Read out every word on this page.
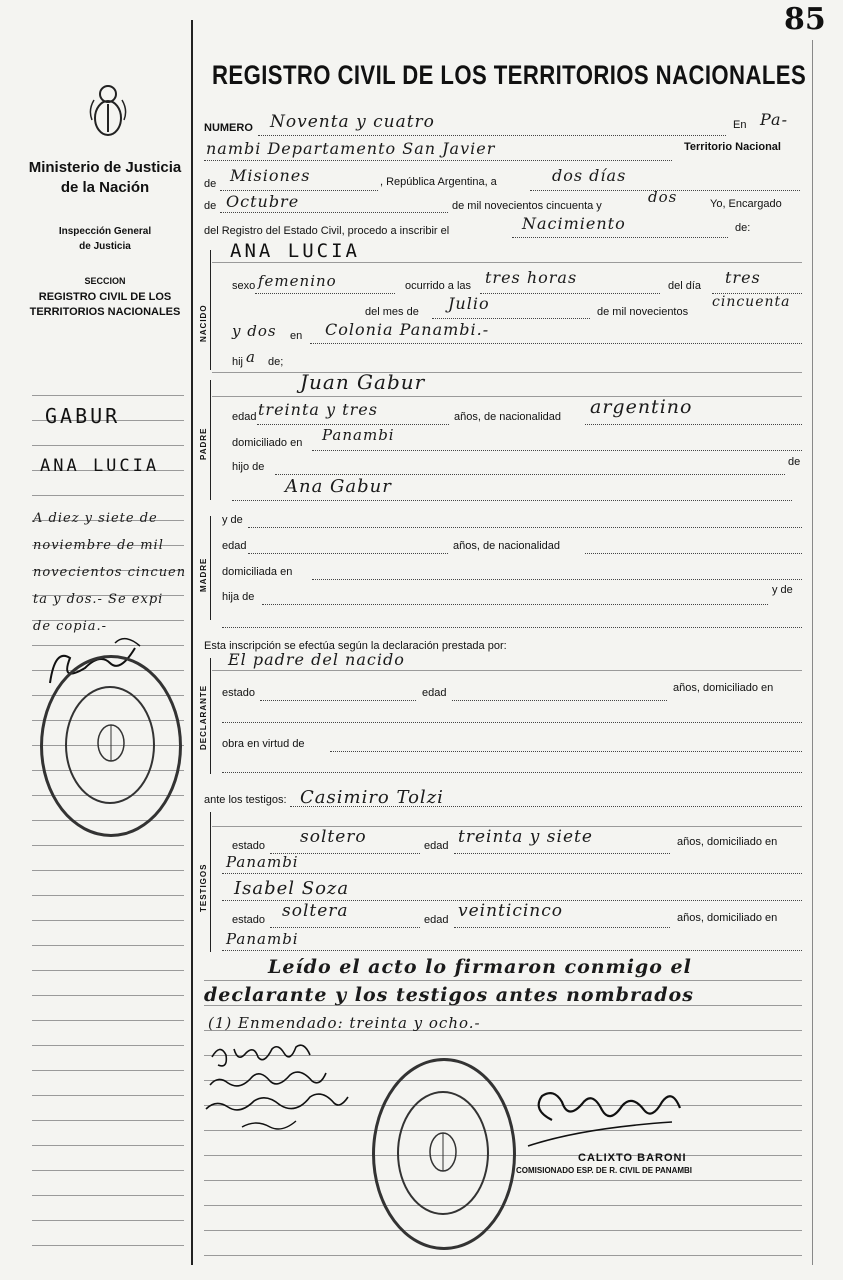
85
REGISTRO CIVIL DE LOS TERRITORIOS NACIONALES
Ministerio de Justicia
de la Nación
Inspección General
de Justicia
SECCION
REGISTRO CIVIL DE LOS
TERRITORIOS NACIONALES
GABUR
ANA LUCIA
A diez y siete de
noviembre de mil
novecientos cincuen
ta y dos.- Se expi
de copia.-
NUMERO Noventa y cuatro	En Pa-
nambi Departamento San Javier	Territorio Nacional
de Misiones	, República Argentina, a	dos días
de Octubre	de mil novecientos cincuenta y	dos	Yo, Encargado
del Registro del Estado Civil, procedo a inscribir el	Nacimiento	de:
NACIDO
ANA LUCIA
sexo femenino	ocurrido a las tres horas	del día tres
del mes de Julio	de mil novecientos
cincuenta
y dos en Colonia Panambi.-
hij a de;
PADRE
Juan Gabur
edad treinta y tres	años, de nacionalidad argentino
domiciliado en Panambi
hijo de	de
Ana Gabur
MADRE
y de
edad	años, de nacionalidad
domiciliada en
hija de
y de
Esta inscripción se efectúa según la declaración prestada por:
DECLARANTE
El padre del nacido
estado	edad	años, domiciliado en
obra en virtud de
ante los testigos: Casimiro Tolzi
TESTIGOS
estado soltero	edad treinta y siete	años, domiciliado en
Panambi
Isabel Soza
estado soltera	edad veinticinco	años, domiciliado en
Panambi
Leído el acto lo firmaron conmigo el
declarante y los testigos antes nombrados
(1) Enmendado: treinta y ocho.-
CALIXTO BARONI
COMISIONADO ESP. DE R. CIVIL DE PANAMBI
